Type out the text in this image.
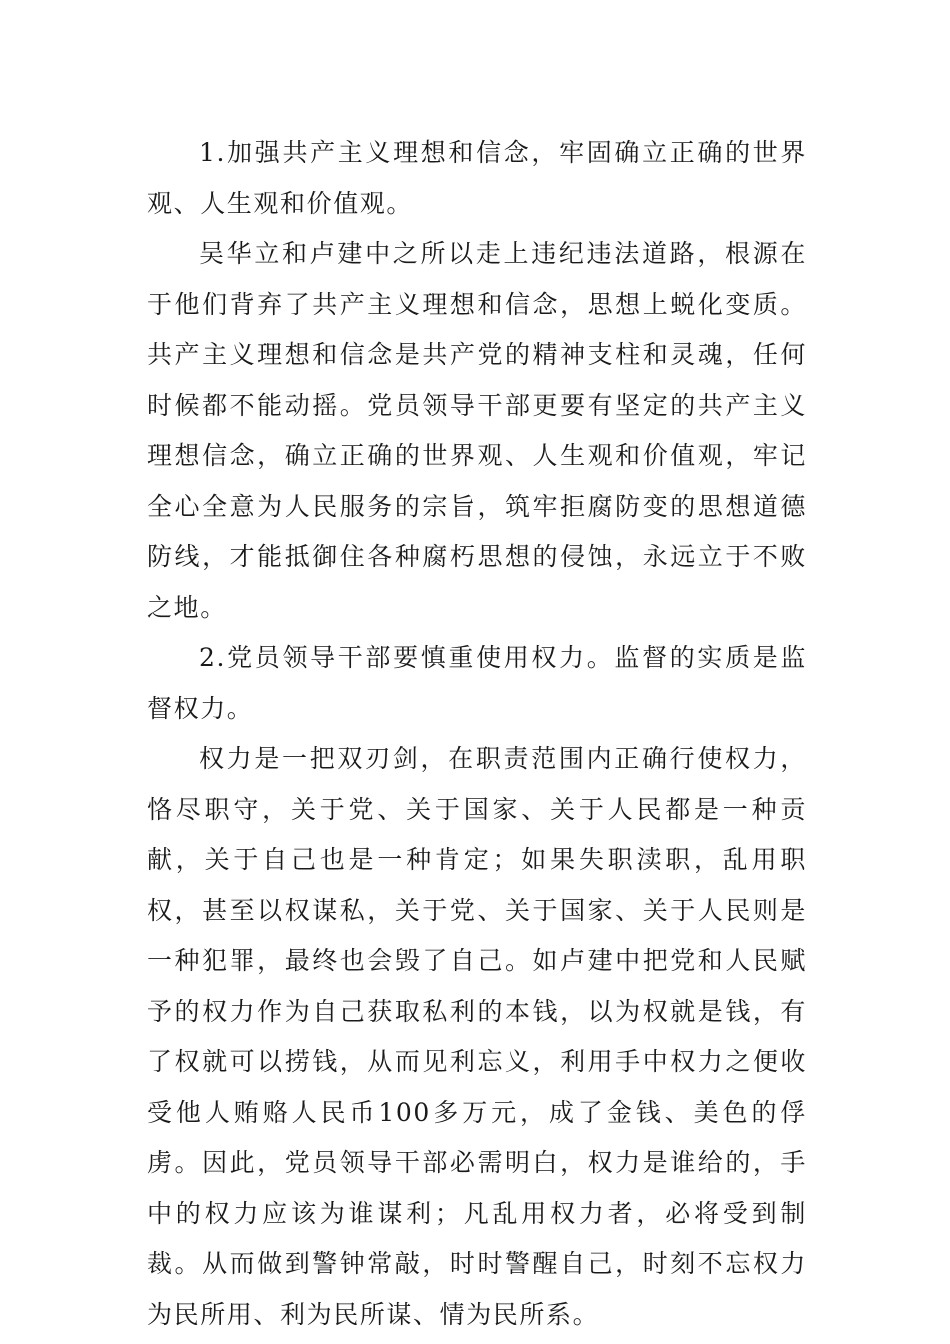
1.加强共产主义理想和信念，牢固确立正确的世界观、人生观和价值观。

吴华立和卢建中之所以走上违纪违法道路，根源在于他们背弃了共产主义理想和信念，思想上蜕化变质。共产主义理想和信念是共产党的精神支柱和灵魂，任何时候都不能动摇。党员领导干部更要有坚定的共产主义理想信念，确立正确的世界观、人生观和价值观，牢记全心全意为人民服务的宗旨，筑牢拒腐防变的思想道德防线，才能抵御住各种腐朽思想的侵蚀，永远立于不败之地。

2.党员领导干部要慎重使用权力。监督的实质是监督权力。

权力是一把双刃剑，在职责范围内正确行使权力，恪尽职守，关于党、关于国家、关于人民都是一种贡献，关于自己也是一种肯定；如果失职渎职，乱用职权，甚至以权谋私，关于党、关于国家、关于人民则是一种犯罪，最终也会毁了自己。如卢建中把党和人民赋予的权力作为自己获取私利的本钱，以为权就是钱，有了权就可以捞钱，从而见利忘义，利用手中权力之便收受他人贿赂人民币100多万元，成了金钱、美色的俘虏。因此，党员领导干部必需明白，权力是谁给的，手中的权力应该为谁谋利；凡乱用权力者，必将受到制裁。从而做到警钟常敲，时时警醒自己，时刻不忘权力为民所用、利为民所谋、情为民所系。
